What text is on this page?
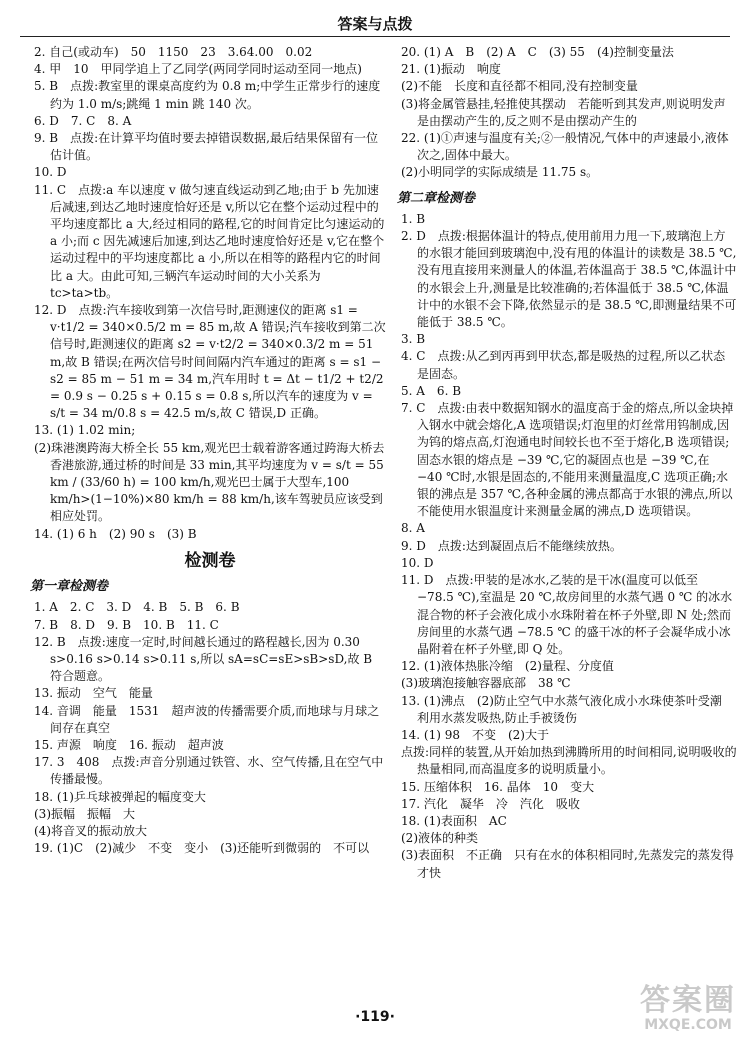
答案与点拨

2. 自己(或动车)　50　1150　23　3.64.00　0.02

4. 甲　10　甲同学追上了乙同学(两同学同时运动至同一地点)

5. B　点拨:教室里的课桌高度约为 0.8 m;中学生正常步行的速度约为 1.0 m/s;跳绳 1 min 跳 140 次。

6. D　7. C　8. A

9. B　点拨:在计算平均值时要去掉错误数据,最后结果保留有一位估计值。

10. D

11. C　点拨:a 车以速度 v 做匀速直线运动到乙地;由于 b 先加速后减速,到达乙地时速度恰好还是 v,所以它在整个运动过程中的平均速度都比 a 大,经过相同的路程,它的时间肯定比匀速运动的 a 小;而 c 因先减速后加速,到达乙地时速度恰好还是 v,它在整个运动过程中的平均速度都比 a 小,所以在相等的路程内它的时间比 a 大。由此可知,三辆汽车运动时间的大小关系为 tc>ta>tb。

12. D　点拨:汽车接收到第一次信号时,距测速仪的距离 s1 = v·t1/2 = 340×0.5/2 m = 85 m,故 A 错误;汽车接收到第二次信号时,距测速仪的距离 s2 = v·t2/2 = 340×0.3/2 m = 51 m,故 B 错误;在两次信号时间间隔内汽车通过的距离 s = s1 − s2 = 85 m − 51 m = 34 m,汽车用时 t = Δt − t1/2 + t2/2 = 0.9 s − 0.25 s + 0.15 s = 0.8 s,所以汽车的速度为 v = s/t = 34 m/0.8 s = 42.5 m/s,故 C 错误,D 正确。

13. (1) 1.02 min;

(2)珠港澳跨海大桥全长 55 km,观光巴士载着游客通过跨海大桥去香港旅游,通过桥的时间是 33 min,其平均速度为 v = s/t = 55 km / (33/60 h) = 100 km/h,观光巴士属于大型车,100 km/h>(1−10%)×80 km/h = 88 km/h,该车驾驶员应该受到相应处罚。

14. (1) 6 h　(2) 90 s　(3) B

检测卷
第一章检测卷

1. A　2. C　3. D　4. B　5. B　6. B

7. B　8. D　9. B　10. B　11. C

12. B　点拨:速度一定时,时间越长通过的路程越长,因为 0.30 s>0.16 s>0.14 s>0.11 s,所以 sA=sC=sE>sB>sD,故 B 符合题意。

13. 振动　空气　能量

14. 音调　能量　1531　超声波的传播需要介质,而地球与月球之间存在真空

15. 声源　响度　16. 振动　超声波

17. 3　408　点拨:声音分别通过铁管、水、空气传播,且在空气中传播最慢。

18. (1)乒乓球被弹起的幅度变大

(3)振幅　振幅　大

(4)将音叉的振动放大

19. (1)C　(2)减少　不变　变小　(3)还能听到微弱的　不可以

20. (1) A　B　(2) A　C　(3) 55　(4)控制变量法

21. (1)振动　响度

(2)不能　长度和直径都不相同,没有控制变量

(3)将金属管悬挂,轻推使其摆动　若能听到其发声,则说明发声是由摆动产生的,反之则不是由摆动产生的

22. (1)①声速与温度有关;②一般情况,气体中的声速最小,液体次之,固体中最大。

(2)小明同学的实际成绩是 11.75 s。

第二章检测卷

1. B

2. D　点拨:根据体温计的特点,使用前用力甩一下,玻璃泡上方的水银才能回到玻璃泡中,没有甩的体温计的读数是 38.5 ℃,没有甩直接用来测量人的体温,若体温高于 38.5 ℃,体温计中的水银会上升,测量是比较准确的;若体温低于 38.5 ℃,体温计中的水银不会下降,依然显示的是 38.5 ℃,即测量结果不可能低于 38.5 ℃。

3. B

4. C　点拨:从乙到丙再到甲状态,都是吸热的过程,所以乙状态是固态。

5. A　6. B

7. C　点拨:由表中数据知钢水的温度高于金的熔点,所以金块掉入钢水中就会熔化,A 选项错误;灯泡里的灯丝常用钨制成,因为钨的熔点高,灯泡通电时间较长也不至于熔化,B 选项错误;固态水银的熔点是 −39 ℃,它的凝固点也是 −39 ℃,在 −40 ℃时,水银是固态的,不能用来测量温度,C 选项正确;水银的沸点是 357 ℃,各种金属的沸点都高于水银的沸点,所以不能使用水银温度计来测量金属的沸点,D 选项错误。

8. A

9. D　点拨:达到凝固点后不能继续放热。

10. D

11. D　点拨:甲装的是冰水,乙装的是干冰(温度可以低至 −78.5 ℃),室温是 20 ℃,故房间里的水蒸气遇 0 ℃ 的冰水混合物的杯子会液化成小水珠附着在杯子外壁,即 N 处;然而房间里的水蒸气遇 −78.5 ℃ 的盛干冰的杯子会凝华成小冰晶附着在杯子外壁,即 Q 处。

12. (1)液体热胀冷缩　(2)量程、分度值

(3)玻璃泡接触容器底部　38 ℃

13. (1)沸点　(2)防止空气中水蒸气液化成小水珠使茶叶受潮　利用水蒸发吸热,防止手被烫伤

14. (1) 98　不变　(2)大于

点拨:同样的装置,从开始加热到沸腾所用的时间相同,说明吸收的热量相同,而高温度多的说明质量小。

15. 压缩体积　16. 晶体　10　变大

17. 汽化　凝华　冷　汽化　吸收

18. (1)表面积　AC

(2)液体的种类

(3)表面积　不正确　只有在水的体积相同时,先蒸发完的蒸发得才快

·119·	答案圈
MXQE.COM
